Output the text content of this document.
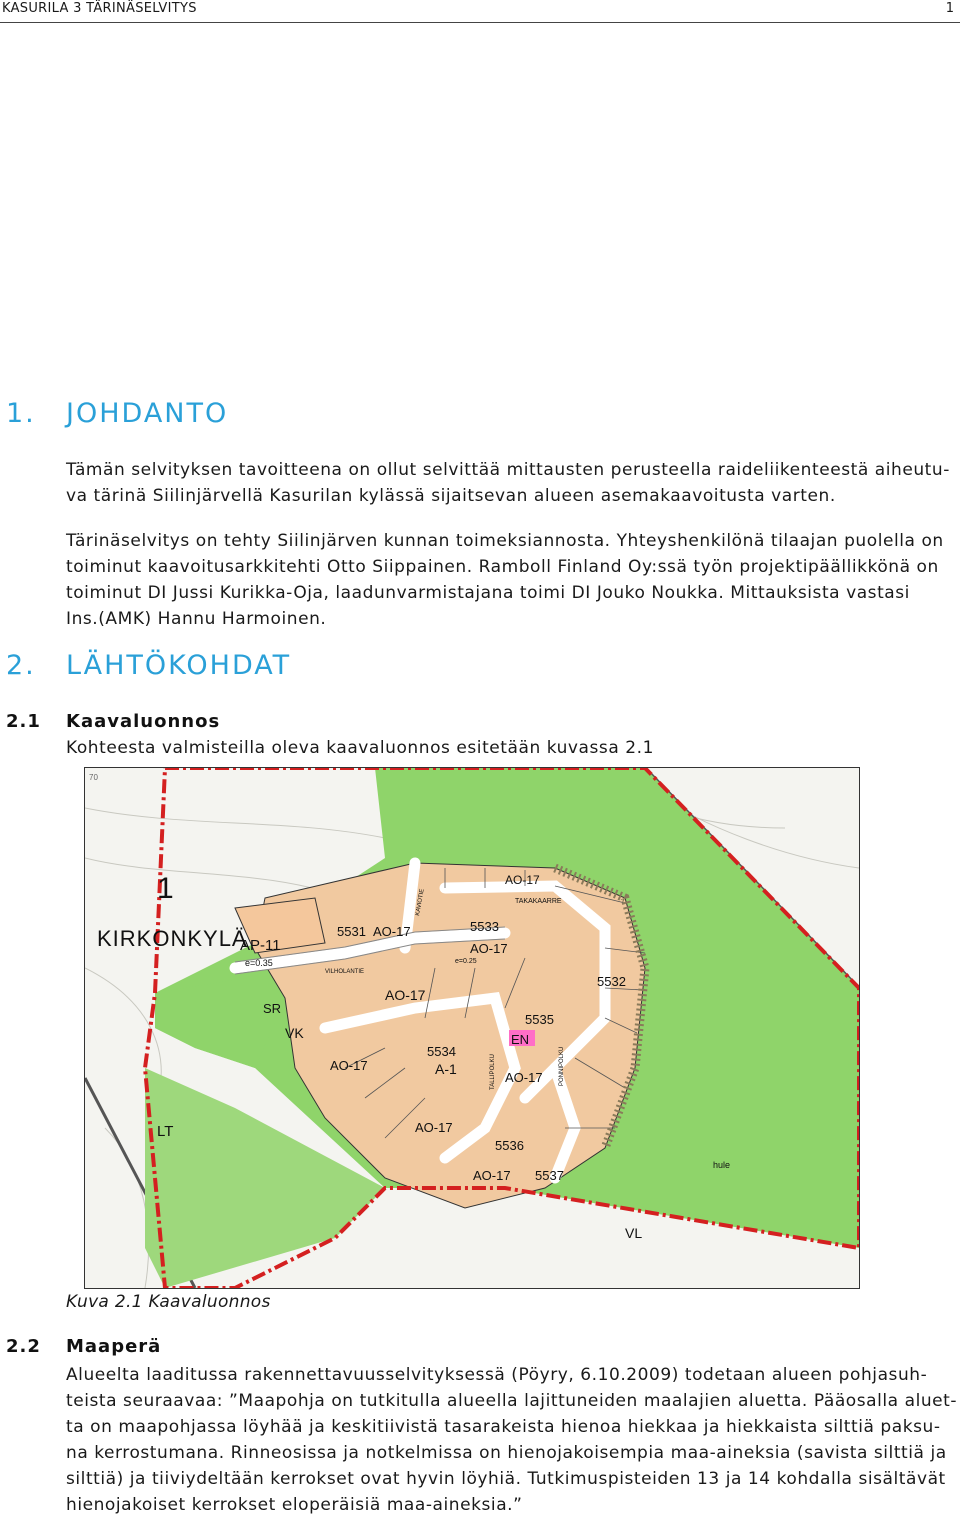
KASURILA 3 TÄRINÄSELVITYS	1
1. JOHDANTO
Tämän selvityksen tavoitteena on ollut selvittää mittausten perusteella raideliikenteestä aiheutu-
va tärinä Siilinjärvellä Kasurilan kylässä sijaitsevan alueen asemakaavoitusta varten.
Tärinäselvitys on tehty Siilinjärven kunnan toimeksiannosta. Yhteyshenkilönä tilaajan puolella on
toiminut kaavoitusarkkitehti Otto Siippainen. Ramboll Finland Oy:ssä työn projektipäällikkönä on
toiminut DI Jussi Kurikka-Oja, laadunvarmistajana toimi DI Jouko Noukka. Mittauksista vastasi
Ins.(AMK) Hannu Harmoinen.
2. LÄHTÖKOHDAT
2.1 Kaavaluonnos
Kohteesta valmisteilla oleva kaavaluonnos esitetään kuvassa 2.1
1
KIRKONKYLÄ
AP-11
e=0.35
5531 AO-17	5533
AO-17
AO-17
TAKAKAARRE
AO-17
5535
5532
SR
VK
AO-17
5534
A-1
EN
AO-17
AO-17
5536
AO-17 5537
LT
hule
VL
VILHOLANTIE
TALLIPOLKU	PONNIPOLKU
KAVIOTIE
e=0.25
70
Kuva 2.1 Kaavaluonnos
2.2 Maaperä
Alueelta laaditussa rakennettavuusselvityksessä (Pöyry, 6.10.2009) todetaan alueen pohjasuh-
teista seuraavaa: ”Maapohja on tutkitulla alueella lajittuneiden maalajien aluetta. Pääosalla aluet-
ta on maapohjassa löyhää ja keskitiivistä tasarakeista hienoa hiekkaa ja hiekkaista silttiä paksu-
na kerrostumana. Rinneosissa ja notkelmissa on hienojakoisempia maa-aineksia (savista silttiä ja
silttiä) ja tiiviydeltään kerrokset ovat hyvin löyhiä. Tutkimuspisteiden 13 ja 14 kohdalla sisältävät
hienojakoiset kerrokset eloperäisiä maa-aineksia.”
